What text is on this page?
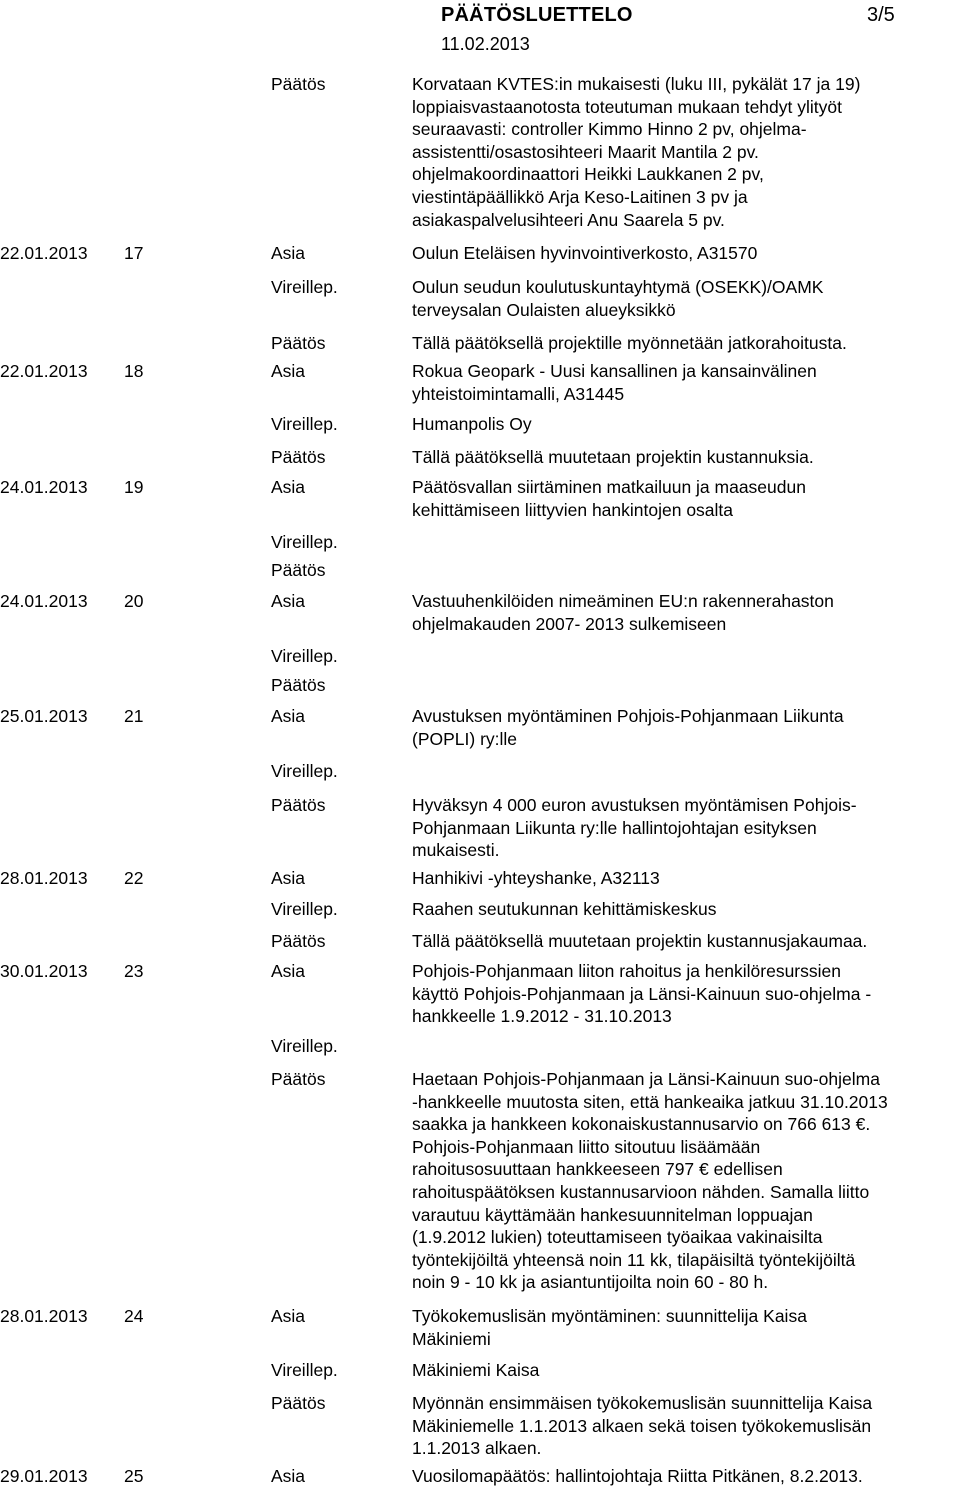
PÄÄTÖSLUETTELO	3/5
11.02.2013
Päätös	Korvataan KVTES:in mukaisesti (luku III, pykälät 17 ja 19)
loppiaisvastaanotosta toteutuman mukaan tehdyt ylityöt
seuraavasti: controller Kimmo Hinno 2 pv, ohjelma-
assistentti/osastosihteeri Maarit Mantila 2 pv.
ohjelmakoordinaattori Heikki Laukkanen 2 pv,
viestintäpäällikkö Arja Keso-Laitinen 3 pv ja
asiakaspalvelusihteeri Anu Saarela 5 pv.
22.01.2013	17	Asia	Oulun Eteläisen hyvinvointiverkosto, A31570
Vireillep.	Oulun seudun koulutuskuntayhtymä (OSEKK)/OAMK
terveysalan Oulaisten alueyksikkö
Päätös	Tällä päätöksellä projektille myönnetään jatkorahoitusta.
22.01.2013	18	Asia	Rokua Geopark - Uusi kansallinen ja kansainvälinen
yhteistoimintamalli, A31445
Vireillep.	Humanpolis Oy
Päätös	Tällä päätöksellä muutetaan projektin kustannuksia.
24.01.2013	19	Asia	Päätösvallan siirtäminen matkailuun ja maaseudun
kehittämiseen liittyvien hankintojen osalta
Vireillep.
Päätös
24.01.2013	20	Asia	Vastuuhenkilöiden nimeäminen EU:n rakennerahaston
ohjelmakauden 2007- 2013 sulkemiseen
Vireillep.
Päätös
25.01.2013	21	Asia	Avustuksen myöntäminen Pohjois-Pohjanmaan Liikunta
(POPLI) ry:lle
Vireillep.
Päätös	Hyväksyn 4 000 euron avustuksen myöntämisen Pohjois-
Pohjanmaan Liikunta ry:lle hallintojohtajan esityksen
mukaisesti.
28.01.2013	22	Asia	Hanhikivi -yhteyshanke, A32113
Vireillep.	Raahen seutukunnan kehittämiskeskus
Päätös	Tällä päätöksellä muutetaan projektin kustannusjakaumaa.
30.01.2013	23	Asia	Pohjois-Pohjanmaan liiton rahoitus ja henkilöresurssien
käyttö Pohjois-Pohjanmaan ja Länsi-Kainuun suo-ohjelma -
hankkeelle 1.9.2012 - 31.10.2013
Vireillep.
Päätös	Haetaan Pohjois-Pohjanmaan ja Länsi-Kainuun suo-ohjelma
-hankkeelle muutosta siten, että hankeaika jatkuu 31.10.2013
saakka ja hankkeen kokonaiskustannusarvio on 766 613 €.
Pohjois-Pohjanmaan liitto sitoutuu lisäämään
rahoitusosuuttaan hankkeeseen 797 € edellisen
rahoituspäätöksen kustannusarvioon nähden. Samalla liitto
varautuu käyttämään hankesuunnitelman loppuajan
(1.9.2012 lukien) toteuttamiseen työaikaa vakinaisilta
työntekijöiltä yhteensä noin 11 kk, tilapäisiltä työntekijöiltä
noin 9 - 10 kk ja asiantuntijoilta noin 60 - 80 h.
28.01.2013	24	Asia	Työkokemuslisän myöntäminen: suunnittelija Kaisa
Mäkiniemi
Vireillep.	Mäkiniemi Kaisa
Päätös	Myönnän ensimmäisen työkokemuslisän suunnittelija Kaisa
Mäkiniemelle 1.1.2013 alkaen sekä toisen työkokemuslisän
1.1.2013 alkaen.
29.01.2013	25	Asia	Vuosilomapäätös: hallintojohtaja Riitta Pitkänen, 8.2.2013.
